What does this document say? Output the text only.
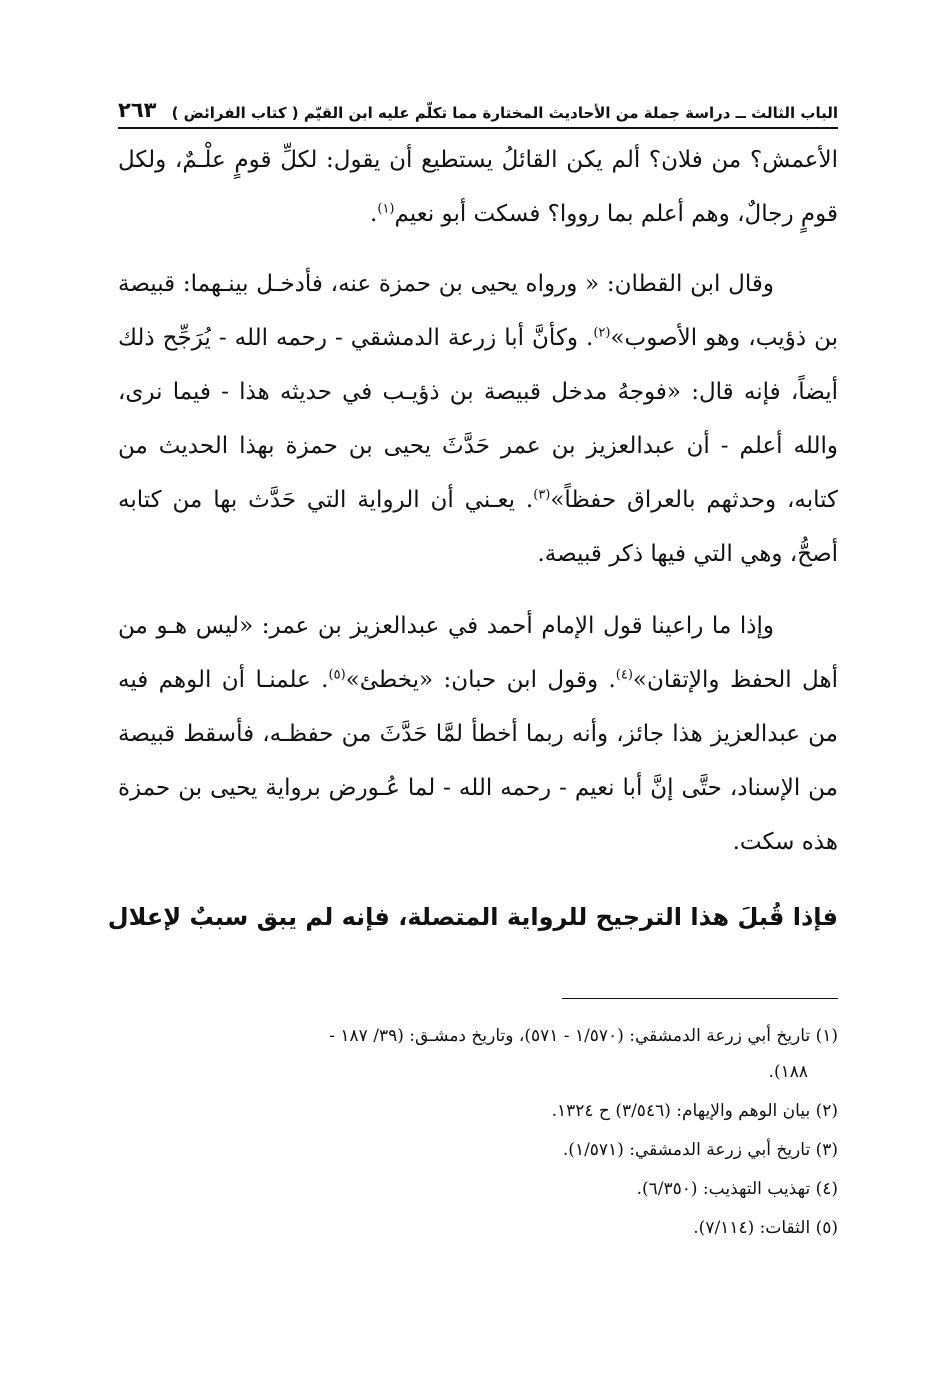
الباب الثالث ــ دراسة جملة من الأحاديث المختارة مما تكلّم عليه ابن القيّم ( كتاب الفرائض )
٢٦٣

الأعمش؟ من فلان؟ ألم يكن القائلُ يستطيع أن يقول: لكلِّ قومٍ علْـمٌ، ولكل قومٍ رجالٌ، وهم أعلم بما رووا؟ فسكت أبو نعيم$^{(١)}$.

وقال ابن القطان: « ورواه يحيى بن حمزة عنه، فأدخـل بينـهما: قبيصة بن ذؤيب، وهو الأصوب»$^{(٢)}$. وكأنَّ أبا زرعة الدمشقي - رحمه الله - يُرَجِّح ذلك أيضاً، فإنه قال: «فوجهُ مدخل قبيصة بن ذؤيـب في حديثه هذا - فيما نرى، والله أعلم - أن عبدالعزيز بن عمر حَدَّثَ يحيى بن حمزة بهذا الحديث من كتابه، وحدثهم بالعراق حفظاً»$^{(٣)}$. يعـني أن الرواية التي حَدَّث بها من كتابه أصحُّ، وهي التي فيها ذكر قبيصة.

وإذا ما راعينا قول الإمام أحمد في عبدالعزيز بن عمر: «ليس هـو من أهل الحفظ والإتقان»$^{(٤)}$. وقول ابن حبان: «يخطئ»$^{(٥)}$. علمنـا أن الوهم فيه من عبدالعزيز هذا جائز، وأنه ربما أخطأ لمَّا حَدَّثَ من حفظـه، فأسقط قبيصة من الإسناد، حتَّى إنَّ أبا نعيم - رحمه الله - لما عُـورض برواية يحيى بن حمزة هذه سكت.

فإذا قُبلَ هذا الترجيح للرواية المتصلة، فإنه لم يبق سببٌ لإعلال
(١) تاريخ أبي زرعة الدمشقي: (١/٥٧٠ - ٥٧١)، وتاريخ دمشـق: (٣٩/ ١٨٧ -
١٨٨).
(٢) بيان الوهم والإيهام: (٣/٥٤٦) ح ١٣٢٤.
(٣) تاريخ أبي زرعة الدمشقي: (١/٥٧١).
(٤) تهذيب التهذيب: (٦/٣٥٠).
(٥) الثقات: (٧/١١٤).
